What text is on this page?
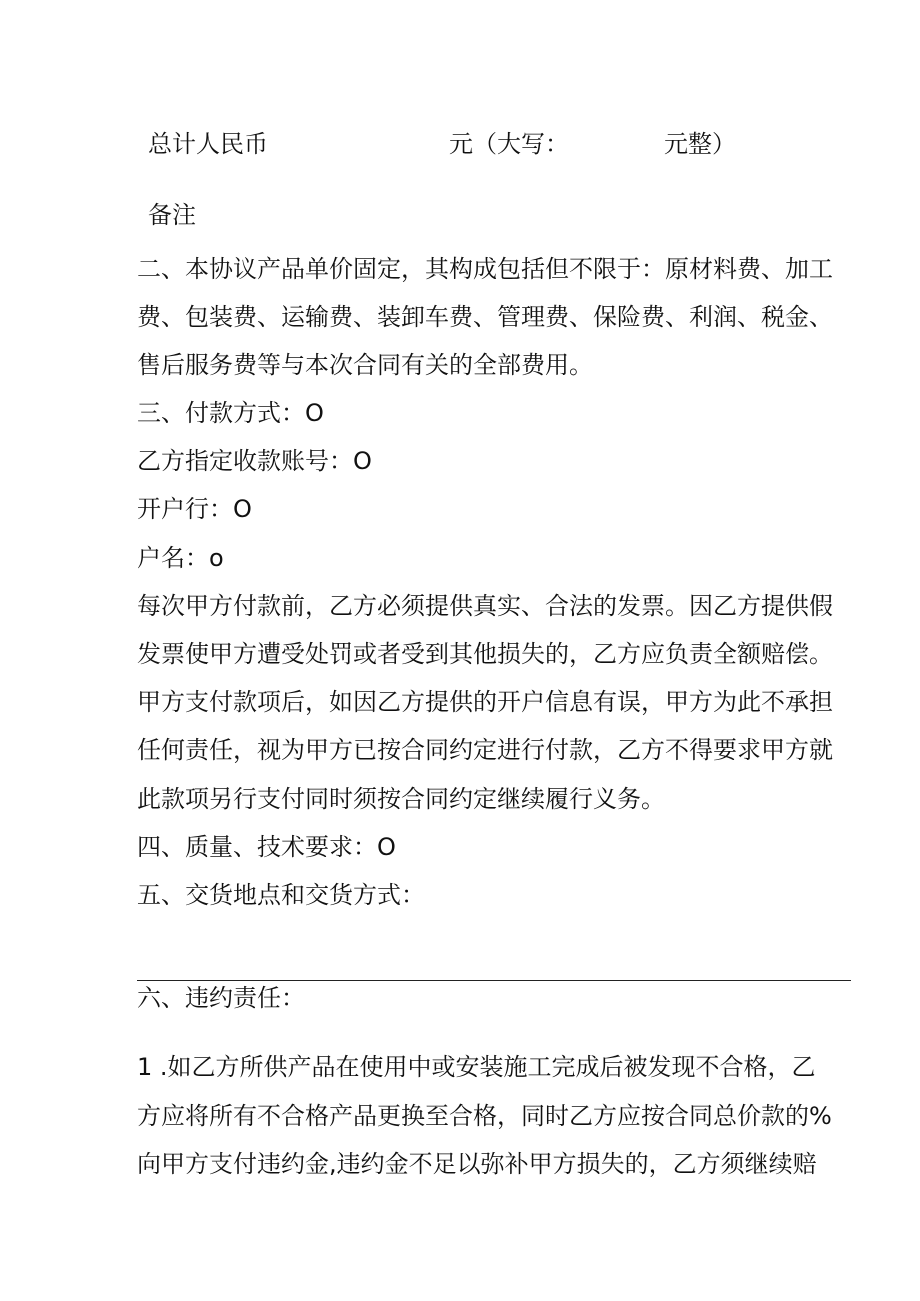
总计人民币	元（大写：	元整）

备注

二、本协议产品单价固定，其构成包括但不限于：原材料费、加工

费、包装费、运输费、装卸车费、管理费、保险费、利润、税金、

售后服务费等与本次合同有关的全部费用。

三、付款方式：O

乙方指定收款账号：O

开户行：O

户名：o

每次甲方付款前，乙方必须提供真实、合法的发票。因乙方提供假

发票使甲方遭受处罚或者受到其他损失的，乙方应负责全额赔偿。

甲方支付款项后，如因乙方提供的开户信息有误，甲方为此不承担

任何责任，视为甲方已按合同约定进行付款，乙方不得要求甲方就

此款项另行支付同时须按合同约定继续履行义务。

四、质量、技术要求：O

五、交货地点和交货方式：

六、违约责任：

1 .如乙方所供产品在使用中或安装施工完成后被发现不合格，乙

方应将所有不合格产品更换至合格，同时乙方应按合同总价款的%

向甲方支付违约金,违约金不足以弥补甲方损失的，乙方须继续赔
